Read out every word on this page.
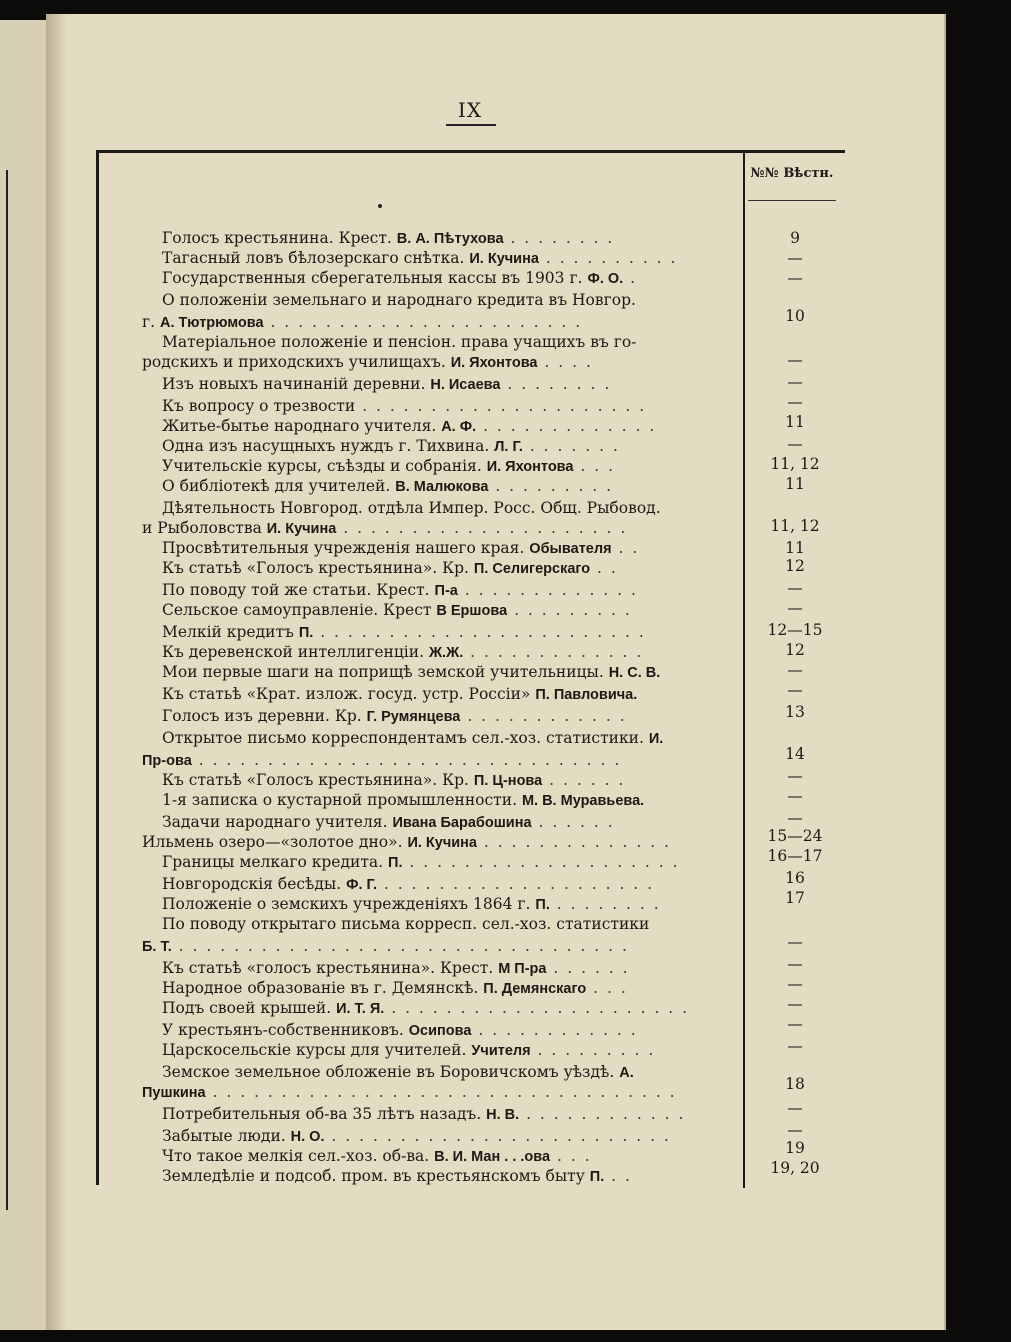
IX
№№ Вѣстн.
Голосъ крестьянина. Крест. В. А. Пѣтухова . . . . . . . .
Тагасный ловъ бѣлозерскаго снѣтка. И. Кучина . . . . . . . . . .
Государственныя сберегательныя кассы въ 1903 г. Ф. О. .
О положеніи земельнаго и народнаго кредита въ Новгор.
г. А. Тютрюмова . . . . . . . . . . . . . . . . . . . . . . .
Матеріальное положеніе и пенсіон. права учащихъ въ го-
родскихъ и приходскихъ училищахъ. И. Яхонтова . . . .
Изъ новыхъ начинаній деревни. Н. Исаева . . . . . . . .
Къ вопросу о трезвости . . . . . . . . . . . . . . . . . . . . .
Житье-бытье народнаго учителя. А. Ф. . . . . . . . . . . . . .
Одна изъ насущныхъ нуждъ г. Тихвина. Л. Г. . . . . . . .
Учительскіе курсы, съѣзды и собранія. И. Яхонтова . . .
О библіотекѣ для учителей. В. Малюкова . . . . . . . . .
Дѣятельность Новгород. отдѣла Импер. Росс. Общ. Рыбовод.
и Рыболовства И. Кучина . . . . . . . . . . . . . . . . . . . . .
Просвѣтительныя учрежденія нашего края. Обывателя . .
Къ статьѣ «Голосъ крестьянина». Кр. П. Селигерскаго . .
По поводу той же статьи. Крест. П-а . . . . . . . . . . . . .
Сельское самоуправленіе. Крест В Ершова . . . . . . . . .
Мелкій кредитъ П. . . . . . . . . . . . . . . . . . . . . . . . .
Къ деревенской интеллигенціи. Ж.Ж. . . . . . . . . . . . . .
Мои первые шаги на поприщѣ земской учительницы. Н. С. В.
Къ статьѣ «Крат. излож. госуд. устр. Россіи» П. Павловича.
Голосъ изъ деревни. Кр. Г. Румянцева . . . . . . . . . . . .
Открытое письмо корреспондентамъ сел.-хоз. статистики. И.
Пр-ова . . . . . . . . . . . . . . . . . . . . . . . . . . . . . . .
Къ статьѣ «Голосъ крестьянина». Кр. П. Ц-нова . . . . . .
1-я записка о кустарной промышленности. М. В. Муравьева.
Задачи народнаго учителя. Ивана Барабошина . . . . . .
Ильмень озеро—«золотое дно». И. Кучина . . . . . . . . . . . . . .
Границы мелкаго кредита. П. . . . . . . . . . . . . . . . . . . . .
Новгородскія бесѣды. Ф. Г. . . . . . . . . . . . . . . . . . . . .
Положеніе о земскихъ учрежденіяхъ 1864 г. П. . . . . . . . .
По поводу открытаго письма корресп. сел.-хоз. статистики
Б. Т. . . . . . . . . . . . . . . . . . . . . . . . . . . . . . . . . .
Къ статьѣ «голосъ крестьянина». Крест. М П-ра . . . . . .
Народное образованіе въ г. Демянскѣ. П. Демянскаго . . .
Подъ своей крышей. И. Т. Я. . . . . . . . . . . . . . . . . . . . . . .
У крестьянъ-собственниковъ. Осипова . . . . . . . . . . . .
Царскосельскіе курсы для учителей. Учителя . . . . . . . . .
Земское земельное обложеніе въ Боровичскомъ уѣздѣ. А.
Пушкина . . . . . . . . . . . . . . . . . . . . . . . . . . . . . . . . . .
Потребительныя об-ва 35 лѣтъ назадъ. Н. В. . . . . . . . . . . . .
Забытые люди. Н. О. . . . . . . . . . . . . . . . . . . . . . . . . .
Что такое мелкія сел.-хоз. об-ва. В. И. Ман . . .ова . . .
Земледѣліе и подсоб. пром. въ крестьянскомъ быту П. . .
9
—
—
10
—
—
—
11
—
11, 12
11
11, 12
11
12
—
—
12—15
12
—
—
13
14
—
—
—
15—24
16—17
16
17
—
—
—
—
—
—
18
—
—
19
19, 20
